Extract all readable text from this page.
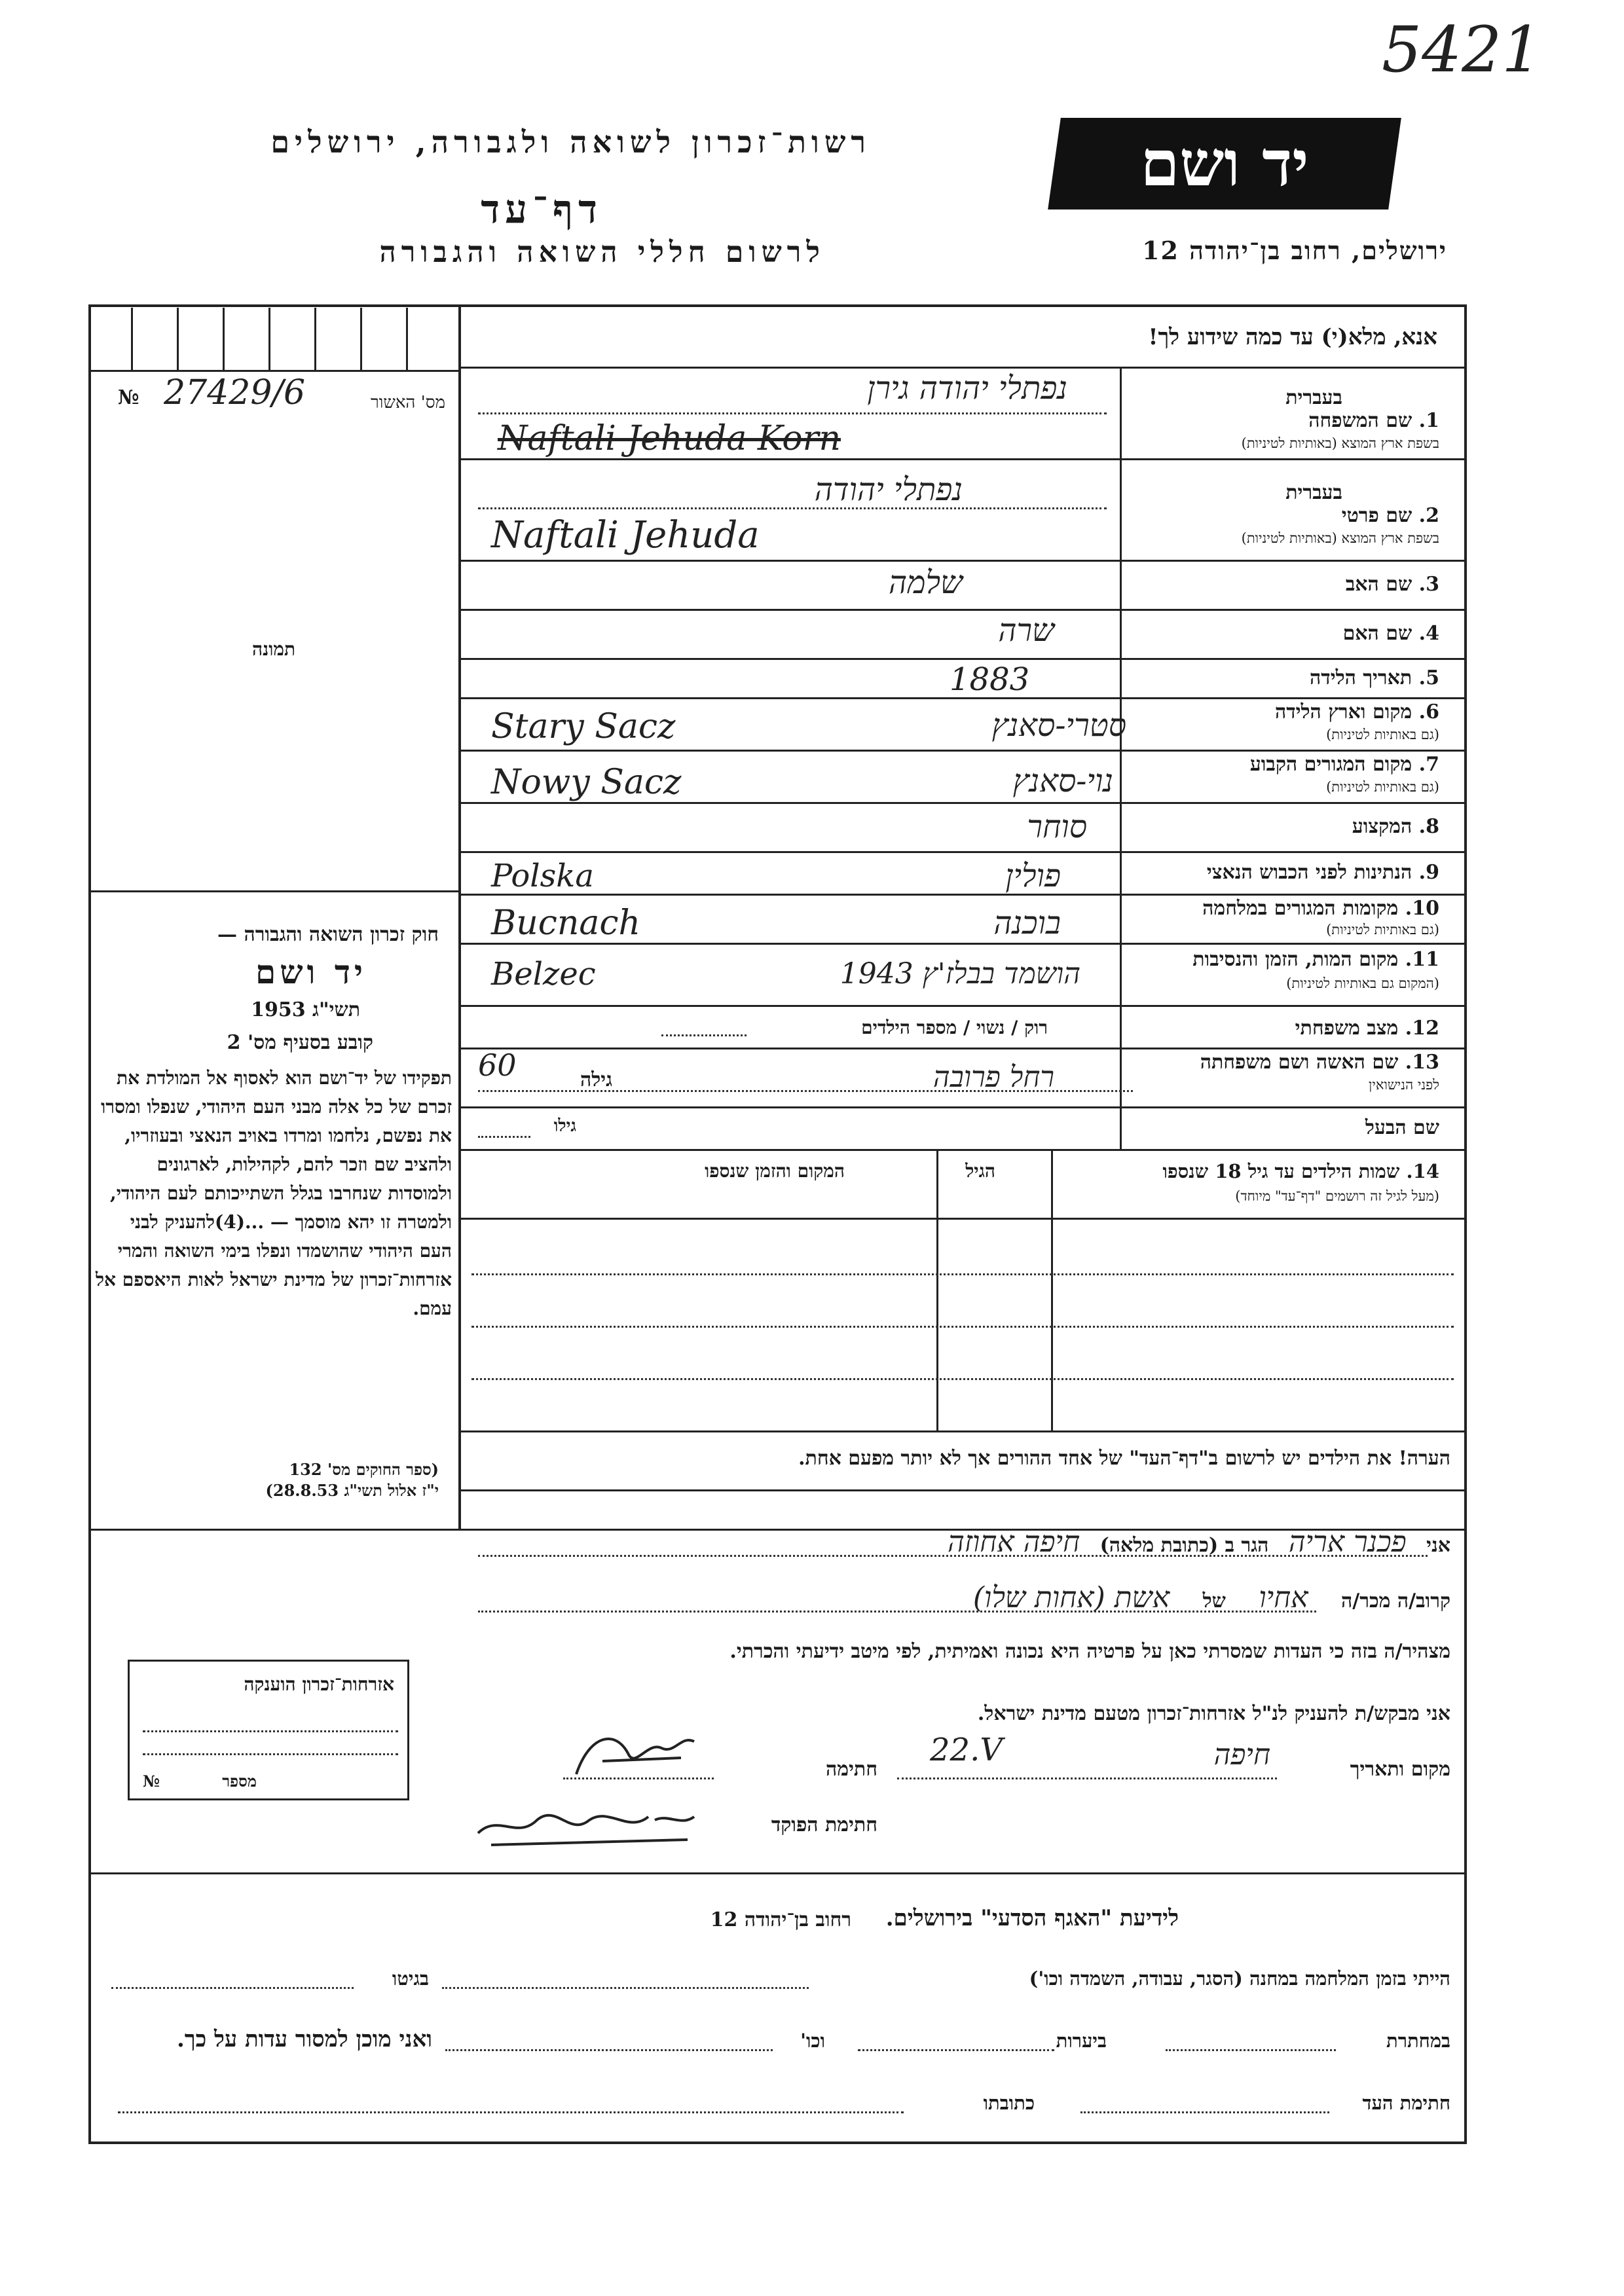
5421
רשות־זכרון לשואה ולגבורה, ירושלים
דף־עד
לרשום חללי השואה והגבורה
יד ושם
ירושלים, רחוב בן־יהודה 12
אנא, מלא(י) עד כמה שידוע לך!
№ 27429/6	מס' האשור
תמונה
חוק זכרון השואה והגבורה —
יד ושם
תשי"ג 1953
קובע בסעיף מס' 2
תפקידו של יד־ושם הוא לאסוף אל המולדת את זכרם של כל אלה מבני העם היהודי, שנפלו ומסרו את נפשם, נלחמו ומרדו באויב הנאצי ובעוזריו, ולהציב שם וזכר להם, לקהילות, לארגונים ולמוסדות שנחרבו בגלל השתייכותם לעם היהודי, ולמטרה זו יהא מוסמך — ...(4)להעניק לבני העם היהודי שהושמדו ונפלו בימי השואה והמרי אזרחות־זכרון של מדינת ישראל לאות היאספם אל עמם.
(ספר החוקים מס' 132
י"ז אלול תשי"ג 28.8.53)
בעברית
1. שם המשפחה
בשפת ארץ המוצא (באותיות לטיניות)
נפתלי יהודה גירן
Naftali Jehuda Korn
בעברית
2. שם פרטי
בשפת ארץ המוצא (באותיות לטיניות)
נפתלי יהודה
Naftali Jehuda
3. שם האב
שלמה
4. שם האם
שרה
5. תאריך הלידה
1883
6. מקום וארץ הלידה
(גם באותיות לטיניות)
סטרי-סאנץ
Stary Sacz
7. מקום המגורים הקבוע
(גם באותיות לטיניות)
נוי-סאנץ
Nowy Sacz
8. המקצוע
סוחר
9. הנתינות לפני הכבוש הנאצי
פולין
Polska
10. מקומות המגורים במלחמה
(גם באותיות לטיניות)
בוכנה
Bucnach
11. מקום המות, הזמן והנסיבות
(המקום גם באותיות לטיניות)
הושמד בבלז'ץ 1943
Belzec
12. מצב משפחתי
רוק / נשוי / מספר הילדים
13. שם האשה ושם משפחתה
לפני הנישואין
רחל פרובה
גילה
60
שם הבעל
גילו
14. שמות הילדים עד גיל 18 שנספו
(מעל לגיל זה רושמים "דף־עד" מיוחד)
הגיל
המקום והזמן שנספו
הערה! את הילדים יש לרשום ב"דף־העד" של אחד ההורים אך לא יותר מפעם אחת.
אני פכנר אריה הגר ב (כתובת מלאה) חיפה אחוזה
קרוב/ה מכר/ה אחיו של אשת (אחות שלו)
מצהיר/ה בזה כי העדות שמסרתי כאן על פרטיה היא נכונה ואמיתית, לפי מיטב ידיעתי והכרתי.
אני מבקש/ת להעניק לנ"ל אזרחות־זכרון מטעם מדינת ישראל.
מקום ותאריך
חיפה
22.V
חתימה
חתימת הפוקד
אזרחות־זכרון הוענקה
מספר
№
לידיעת "האגף הסדעי" בירושלים.
רחוב בן־יהודה 12
הייתי בזמן המלחמה במחנה (הסגר, עבודה, השמדה וכו')
בגיטו
במחתרת
ביערות
וכו'
ואני מוכן למסור עדות על כך.
חתימת העד
כתובתו
